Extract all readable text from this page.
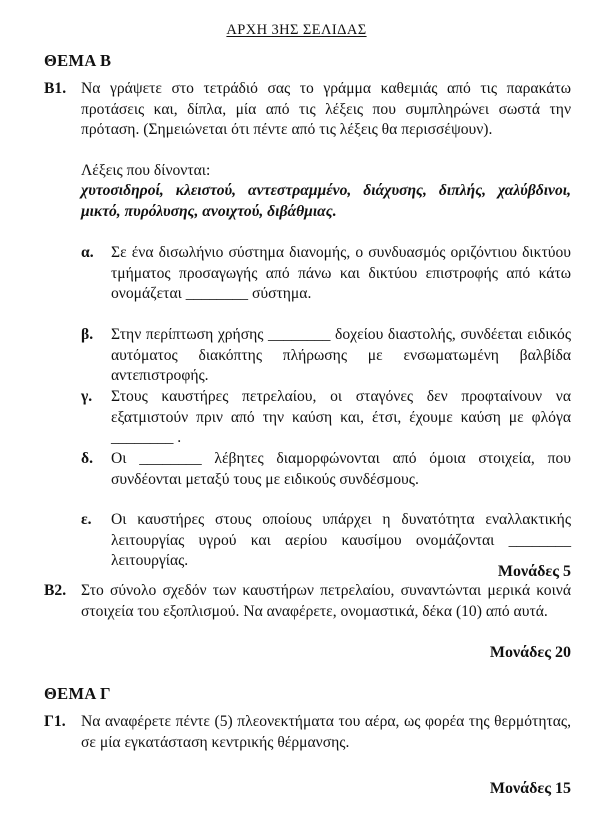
ΑΡΧΗ 3ΗΣ ΣΕΛΙΔΑΣ
ΘΕΜΑ Β
Β1. Να γράψετε στο τετράδιό σας το γράμμα καθεμιάς από τις παρακάτω προτάσεις και, δίπλα, μία από τις λέξεις που συμπληρώνει σωστά την πρόταση. (Σημειώνεται ότι πέντε από τις λέξεις θα περισσέψουν).
Λέξεις που δίνονται:
χυτοσιδηροί, κλειστού, αντεστραμμένο, διάχυσης, διπλής, χαλύβδινοι, μικτό, πυρόλυσης, ανοιχτού, διβάθμιας.
α. Σε ένα δισωλήνιο σύστημα διανομής, ο συνδυασμός οριζόντιου δικτύου τμήματος προσαγωγής από πάνω και δικτύου επιστροφής από κάτω ονομάζεται ________ σύστημα.
β. Στην περίπτωση χρήσης ________ δοχείου διαστολής, συνδέεται ειδικός αυτόματος διακόπτης πλήρωσης με ενσωματωμένη βαλβίδα αντεπιστροφής.
γ. Στους καυστήρες πετρελαίου, οι σταγόνες δεν προφταίνουν να εξατμιστούν πριν από την καύση και, έτσι, έχουμε καύση με φλόγα ________ .
δ. Οι ________ λέβητες διαμορφώνονται από όμοια στοιχεία, που συνδέονται μεταξύ τους με ειδικούς συνδέσμους.
ε. Οι καυστήρες στους οποίους υπάρχει η δυνατότητα εναλλακτικής λειτουργίας υγρού και αερίου καυσίμου ονομάζονται ________ λειτουργίας.
Μονάδες 5
Β2. Στο σύνολο σχεδόν των καυστήρων πετρελαίου, συναντώνται μερικά κοινά στοιχεία του εξοπλισμού. Να αναφέρετε, ονομαστικά, δέκα (10) από αυτά.
Μονάδες 20
ΘΕΜΑ Γ
Γ1. Να αναφέρετε πέντε (5) πλεονεκτήματα του αέρα, ως φορέα της θερμότητας, σε μία εγκατάσταση κεντρικής θέρμανσης.
Μονάδες 15
